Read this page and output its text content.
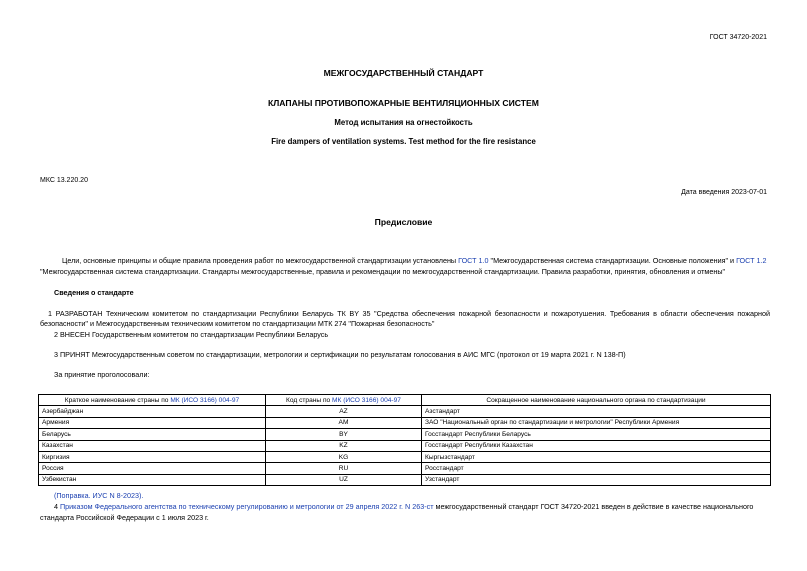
ГОСТ 34720-2021
МЕЖГОСУДАРСТВЕННЫЙ СТАНДАРТ
КЛАПАНЫ ПРОТИВОПОЖАРНЫЕ ВЕНТИЛЯЦИОННЫХ СИСТЕМ
Метод испытания на огнестойкость
Fire dampers of ventilation systems. Test method for the fire resistance
МКС 13.220.20
Дата введения 2023-07-01
Предисловие
Цели, основные принципы и общие правила проведения работ по межгосударственной стандартизации установлены ГОСТ 1.0 "Межгосударственная система стандартизации. Основные положения" и ГОСТ 1.2
"Межгосударственная система стандартизации. Стандарты межгосударственные, правила и рекомендации по межгосударственной стандартизации. Правила разработки, принятия, обновления и отмены"
Сведения о стандарте
1 РАЗРАБОТАН Техническим комитетом по стандартизации Республики Беларусь ТК BY 35 "Средства обеспечения пожарной безопасности и пожаротушения. Требования в области обеспечения пожарной
безопасности" и Межгосударственным техническим комитетом по стандартизации МТК 274 "Пожарная безопасность"
2 ВНЕСЕН Государственным комитетом по стандартизации Республики Беларусь
3 ПРИНЯТ Межгосударственным советом по стандартизации, метрологии и сертификации по результатам голосования в АИС МГС (протокол от 19 марта 2021 г. N 138-П)
За принятие проголосовали:
Краткое наименование страны по МК (ИСО 3166) 004-97	Код страны по МК (ИСО 3166) 004-97	Сокращенное наименование национального органа по стандартизации
Азербайджан	AZ	Азстандарт
Армения	AM	ЗАО "Национальный орган по стандартизации и метрологии" Республики Армения
Беларусь	BY	Госстандарт Республики Беларусь
Казахстан	KZ	Госстандарт Республики Казахстан
Киргизия	KG	Кыргызстандарт
Россия	RU	Росстандарт
Узбекистан	UZ	Узстандарт
(Поправка. ИУС N 8-2023).
4 Приказом Федерального агентства по техническому регулированию и метрологии от 29 апреля 2022 г. N 263-ст межгосударственный стандарт ГОСТ 34720-2021 введен в действие в качестве национального
стандарта Российской Федерации с 1 июля 2023 г.
